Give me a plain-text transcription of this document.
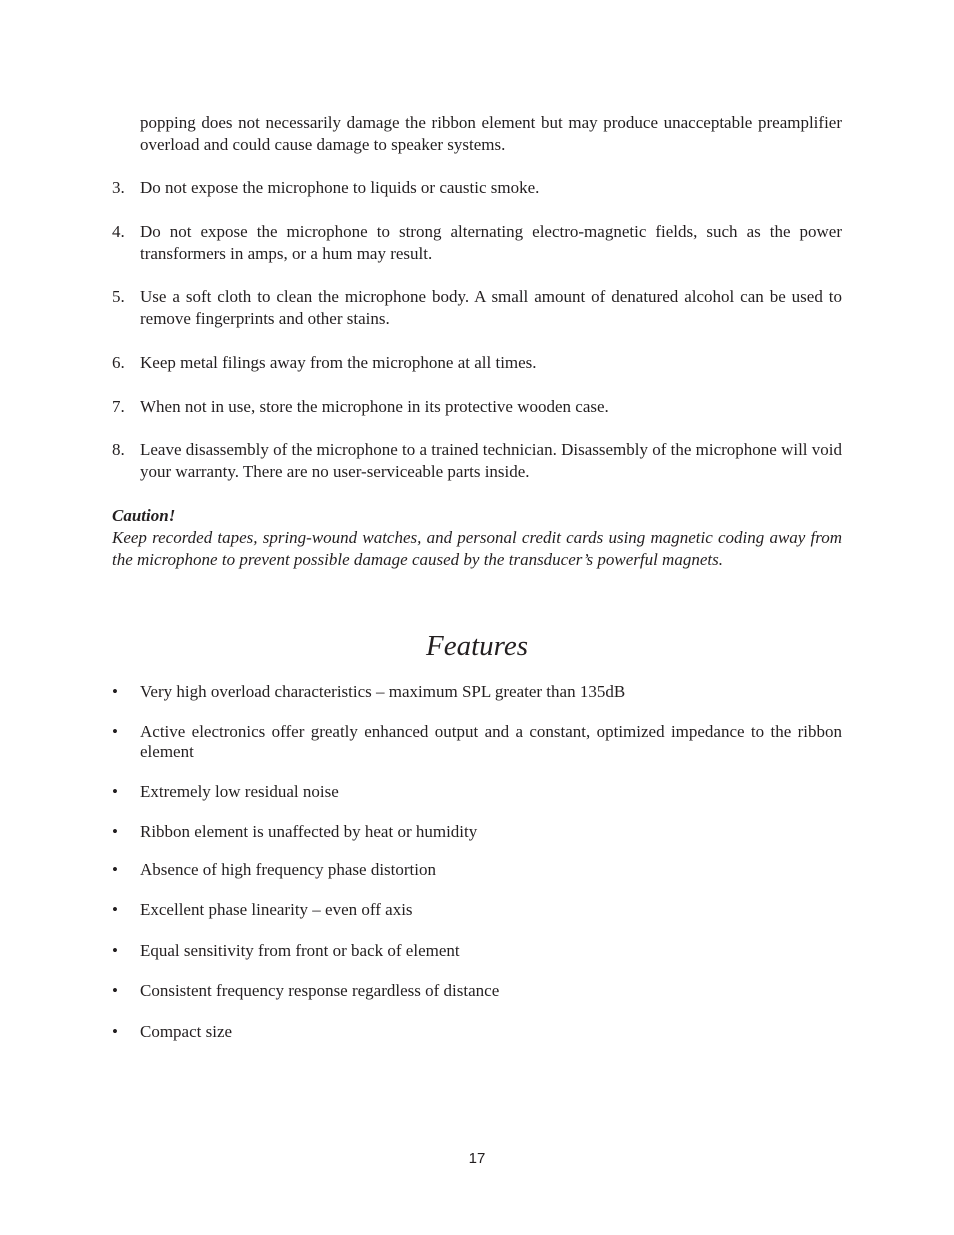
popping does not necessarily damage the ribbon element but may produce unacceptable preamplifier overload and could cause damage to speaker systems.
3. Do not expose the microphone to liquids or caustic smoke.
4. Do not expose the microphone to strong alternating electro-magnetic fields, such as the power transformers in amps, or a hum may result.
5. Use a soft cloth to clean the microphone body. A small amount of denatured alcohol can be used to remove fingerprints and other stains.
6. Keep metal filings away from the microphone at all times.
7. When not in use, store the microphone in its protective wooden case.
8. Leave disassembly of the microphone to a trained technician. Disassembly of the microphone will void your warranty. There are no user-serviceable parts inside.
Caution!
Keep recorded tapes, spring-wound watches, and personal credit cards using magnetic coding away from the microphone to prevent possible damage caused by the transducer’s powerful magnets.
Features
•	Very high overload characteristics – maximum SPL greater than 135dB
•	Active electronics offer greatly enhanced output and a constant, optimized impedance to the ribbon element
•	Extremely low residual noise
•	Ribbon element is unaffected by heat or humidity
•	Absence of high frequency phase distortion
•	Excellent phase linearity – even off axis
•	Equal sensitivity from front or back of element
•	Consistent frequency response regardless of distance
•	Compact size
17
